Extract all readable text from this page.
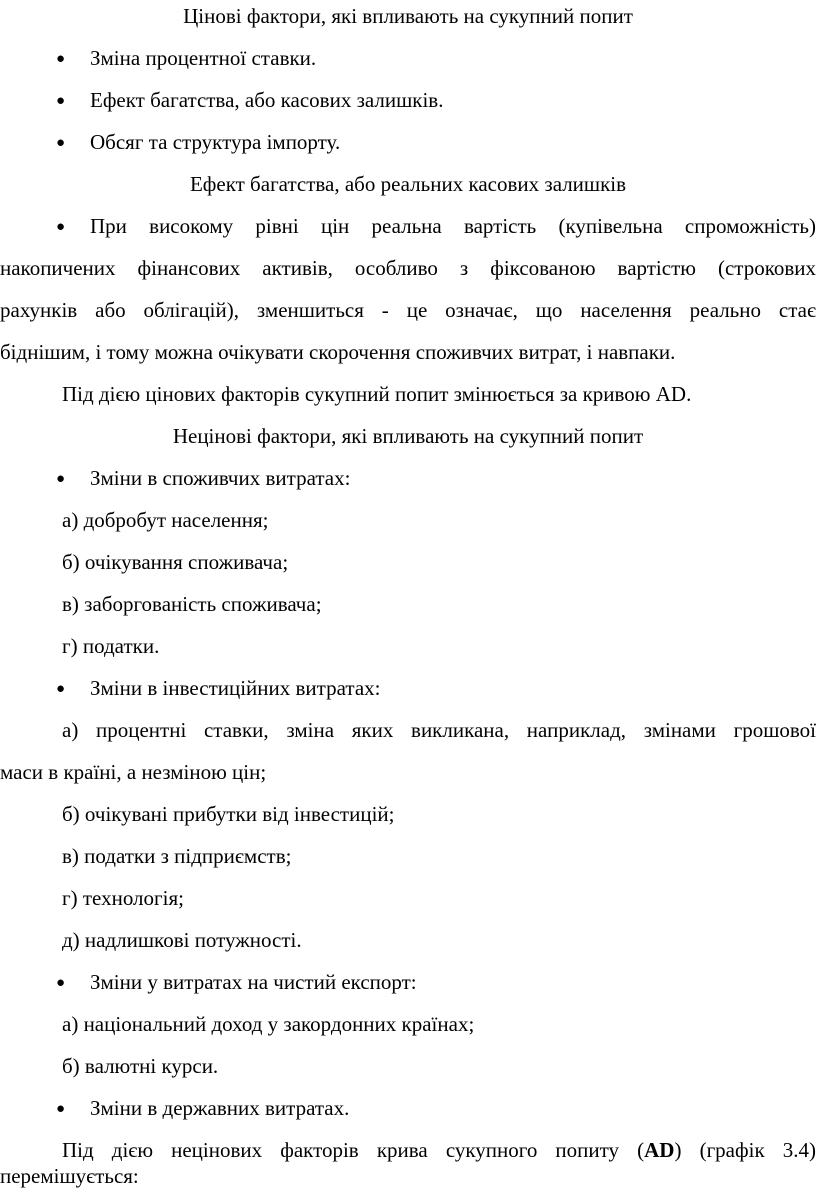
Цінові фактори, які впливають на сукупний попит
● Зміна процентної ставки.
● Ефект багатства, або касових залишків.
● Обсяг та структура імпорту.
Ефект багатства, або реальних касових залишків
● При високому рівні цін реальна вартість (купівельна спроможність)
накопичених фінансових активів, особливо з фіксованою вартістю (строкових
рахунків або облігацій), зменшиться - це означає, що населення реально стає
біднішим, і тому можна очікувати скорочення споживчих витрат, і навпаки.
Під дією цінових факторів сукупний попит змінюється за кривою AD.
Нецінові фактори, які впливають на сукупний попит
● Зміни в споживчих витратах:
а) добробут населення;
б) очікування споживача;
в) заборгованість споживача;
г) податки.
● Зміни в інвестиційних витратах:
а) процентні ставки, зміна яких викликана, наприклад, змінами грошової
маси в країні, а незміною цін;
б) очікувані прибутки від інвестицій;
в) податки з підприємств;
г) технологія;
д) надлишкові потужності.
● Зміни у витратах на чистий експорт:
а) національний доход у закордонних країнах;
б) валютні курси.
● Зміни в державних витратах.
Під дією нецінових факторів крива сукупного попиту (AD) (графік 3.4)
перемішується:
